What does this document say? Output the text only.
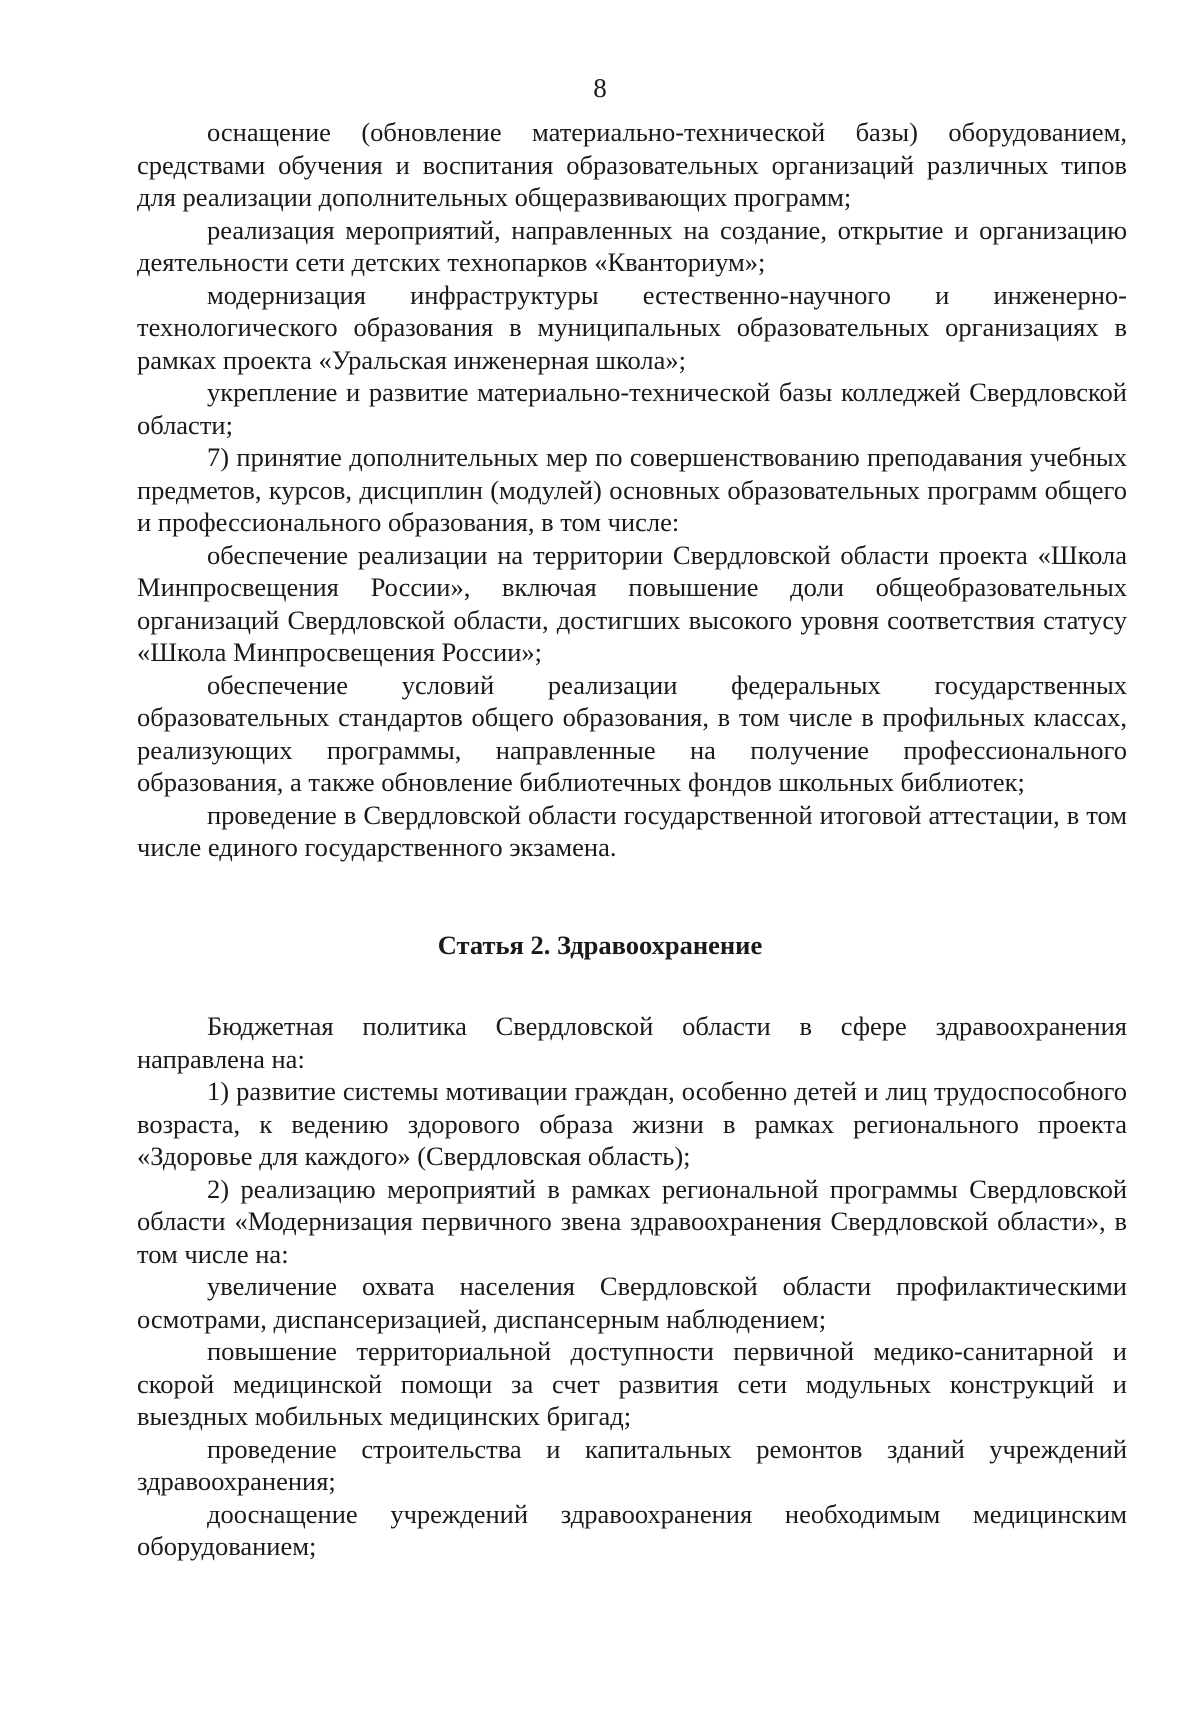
8

оснащение (обновление материально-технической базы) оборудованием, средствами обучения и воспитания образовательных организаций различных типов для реализации дополнительных общеразвивающих программ;

реализация мероприятий, направленных на создание, открытие и организацию деятельности сети детских технопарков «Кванториум»;

модернизация инфраструктуры естественно-научного и инженерно-технологического образования в муниципальных образовательных организациях в рамках проекта «Уральская инженерная школа»;

укрепление и развитие материально-технической базы колледжей Свердловской области;

7) принятие дополнительных мер по совершенствованию преподавания учебных предметов, курсов, дисциплин (модулей) основных образовательных программ общего и профессионального образования, в том числе:

обеспечение реализации на территории Свердловской области проекта «Школа Минпросвещения России», включая повышение доли общеобразовательных организаций Свердловской области, достигших высокого уровня соответствия статусу «Школа Минпросвещения России»;

обеспечение условий реализации федеральных государственных образовательных стандартов общего образования, в том числе в профильных классах, реализующих программы, направленные на получение профессионального образования, а также обновление библиотечных фондов школьных библиотек;

проведение в Свердловской области государственной итоговой аттестации, в том числе единого государственного экзамена.

Статья 2. Здравоохранение

Бюджетная политика Свердловской области в сфере здравоохранения направлена на:

1) развитие системы мотивации граждан, особенно детей и лиц трудоспособного возраста, к ведению здорового образа жизни в рамках регионального проекта «Здоровье для каждого» (Свердловская область);

2) реализацию мероприятий в рамках региональной программы Свердловской области «Модернизация первичного звена здравоохранения Свердловской области», в том числе на:

увеличение охвата населения Свердловской области профилактическими осмотрами, диспансеризацией, диспансерным наблюдением;

повышение территориальной доступности первичной медико-санитарной и скорой медицинской помощи за счет развития сети модульных конструкций и выездных мобильных медицинских бригад;

проведение строительства и капитальных ремонтов зданий учреждений здравоохранения;

дооснащение учреждений здравоохранения необходимым медицинским оборудованием;
